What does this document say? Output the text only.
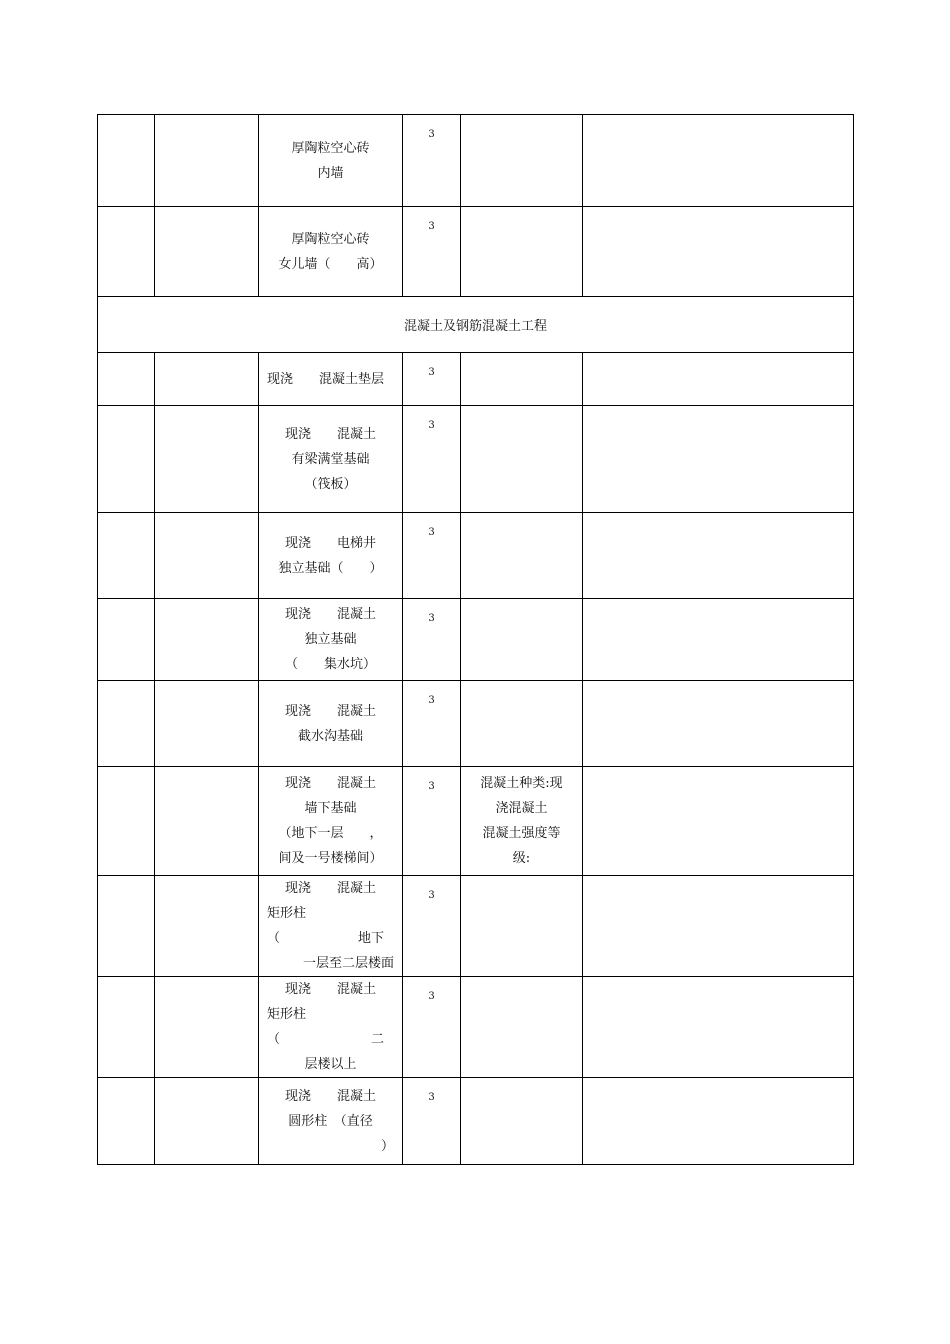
		厚陶粒空心砖
内墙	3		

		厚陶粒空心砖
女儿墙（　　高）	3		

混凝土及钢筋混凝土工程					

		现浇　　混凝土垫层	3		

		现浇　　混凝土
有梁满堂基础
（筏板）	3		

		现浇　　电梯井
独立基础（　　）	3		

		现浇　　混凝土
独立基础
（　　集水坑）	3		

		现浇　　混凝土
截水沟基础	3		

		现浇　　混凝土
墙下基础
（地下一层　　，
间及一号楼梯间）	3	混凝土种类:现
浇混凝土
混凝土强度等
级:	

		现浇　　混凝土
矩形柱
（　　　　　　地下
一层至二层楼面	3		

		现浇　　混凝土
矩形柱
（　　　　　　　二
层楼以上	3		

		现浇　　混凝土
圆形柱　（直径
）	3		
